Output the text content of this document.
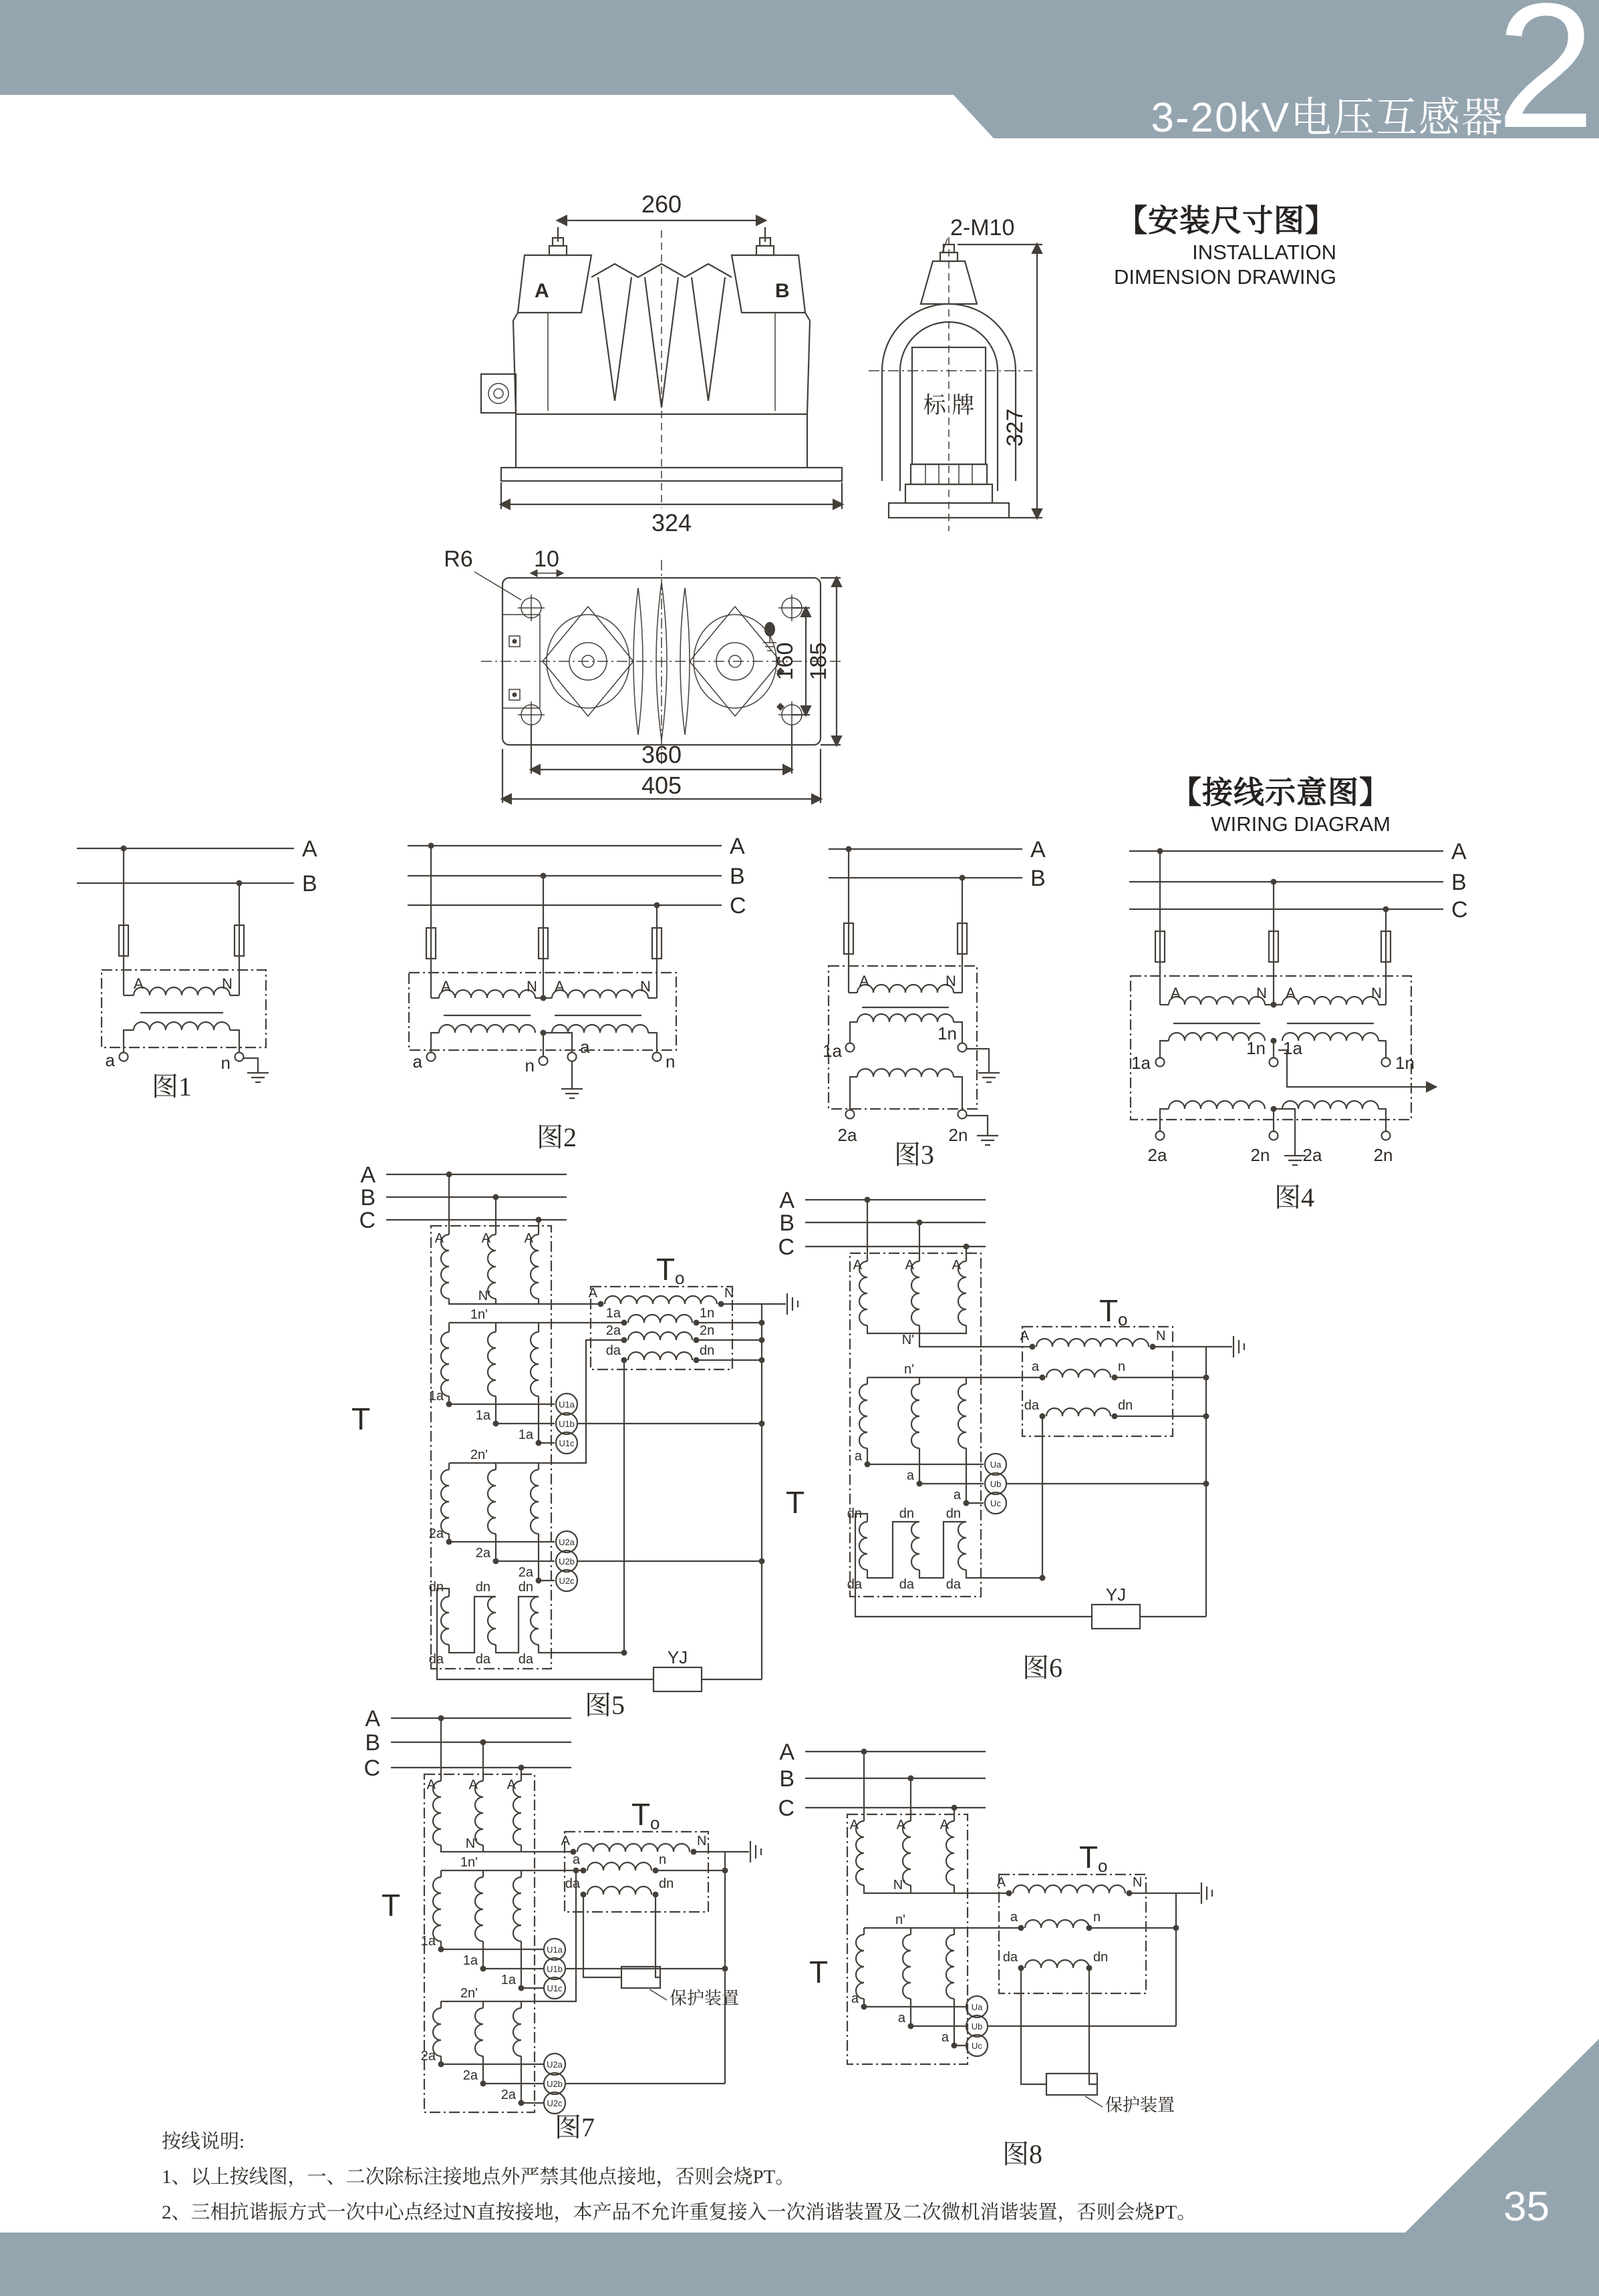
3-20kV电压互感器
2
35
【安装尺寸图】
INSTALLATION
DIMENSION DRAWING
【接线示意图】
WIRING DIAGRAM
按线说明:
1、以上按线图，一、二次除标注接地点外严禁其他点接地，否则会烧PT。
2、三相抗谐振方式一次中心点经过N直按接地，本产品不允许重复接入一次消谐装置及二次微机消谐装置，否则会烧PT。
260
A	B
324
2-M10
标 牌
327
R6	10
160 185
360
405
A
B
A	N
a	n
图1
A
B
C
A	N A	N
a	n
a
n
图2
A
B
A	N
1a
1n
2a	2n
图3
A
B
C
A	N A	N
1a
1n 1a
1n
2a	2n 2a	2n
图4
A
B
C
T
A	A	A
N'
T o
A	N
1a	1n
2a	2n
da	dn
1n'
1a
1a
1a
U1a
U1b
U1c
2n'
2a
2a
2a
U2a
U2b
U2c
dn dn dn
da da da	YJ
图5
A
B
C
T
A	A	A
N'
T o
A	N
a	n
da	dn
n'
a
a
a
Ua
Ub
Uc
dn	dn dn
da	da da	YJ
图6
A
B
C
T
A A A
N'
T o
A	N
a	n
da	dn
保护装置
1n'
1a
1a
1a
U1a
U1b
U1c
2n'
2a
2a
2a
U2a
U2b
U2c
图7
A
B
C
T
A	A	A
N'
T o
A	N
a	n
da	dn
保护装置
n'
a
a
a
Ua
Ub
Uc
图8
